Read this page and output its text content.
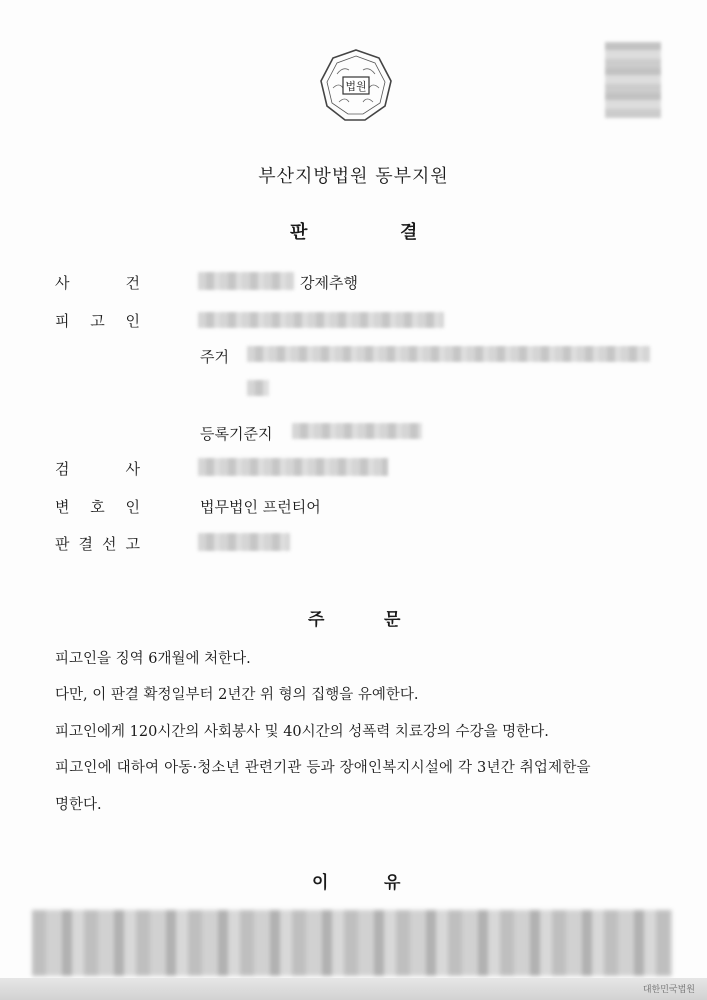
법원
부산지방법원 동부지원
판	결
사	건	강제추행
피 고 인
주거
등록기준지
검	사
변 호 인	법무법인 프런티어
판 결 선 고
주	문
피고인을 징역 6개월에 처한다.
다만, 이 판결 확정일부터 2년간 위 형의 집행을 유예한다.
피고인에게 120시간의 사회봉사 및 40시간의 성폭력 치료강의 수강을 명한다.
피고인에 대하여 아동·청소년 관련기관 등과 장애인복지시설에 각 3년간 취업제한을
명한다.
이	유
대한민국법원
